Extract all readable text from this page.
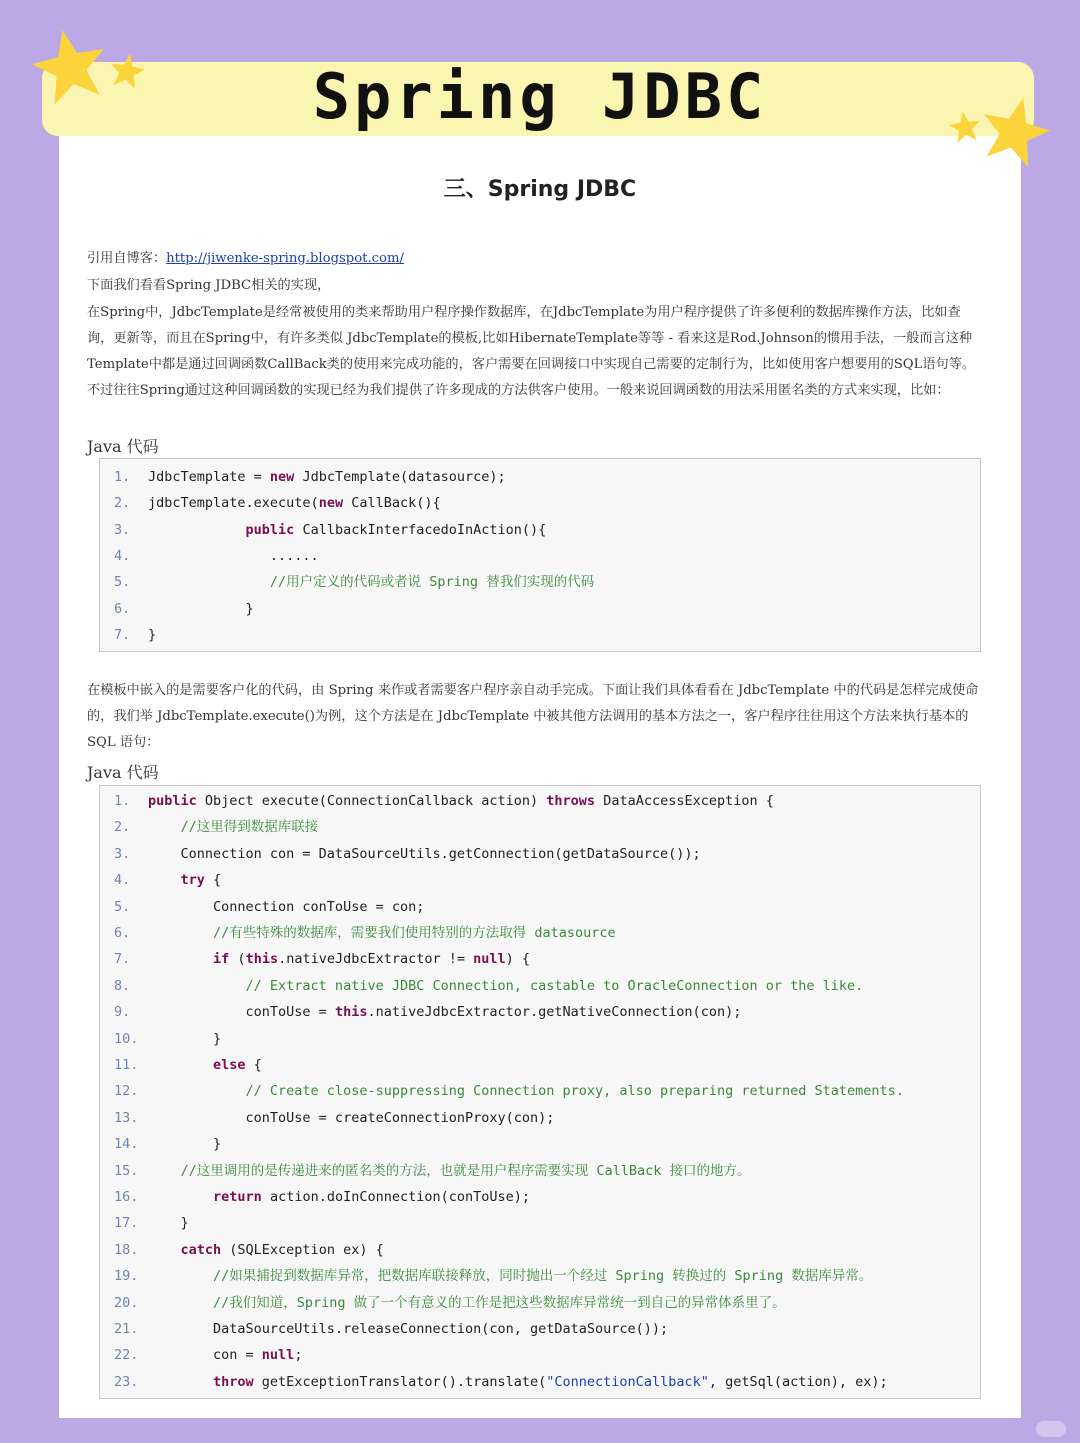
Spring JDBC
三、Spring JDBC
引用自博客：http://jiwenke-spring.blogspot.com/
下面我们看看Spring JDBC相关的实现，
在Spring中，JdbcTemplate是经常被使用的类来帮助用户程序操作数据库，在JdbcTemplate为用户程序提供了许多便利的数据库操作方法，比如查询，更新等，而且在Spring中，有许多类似 JdbcTemplate的模板,比如HibernateTemplate等等 - 看来这是Rod.Johnson的惯用手法，一般而言这种Template中都是通过回调函数CallBack类的使用来完成功能的，客户需要在回调接口中实现自己需要的定制行为，比如使用客户想要用的SQL语句等。不过往往Spring通过这种回调函数的实现已经为我们提供了许多现成的方法供客户使用。一般来说回调函数的用法采用匿名类的方式来实现，比如：
Java 代码
1.	JdbcTemplate = new JdbcTemplate(datasource);
2.	jdbcTemplate.execute(new CallBack(){
3.	public CallbackInterfacedoInAction(){
4.	......
5.	//用户定义的代码或者说 Spring 替我们实现的代码
6.	}
7.	}
在模板中嵌入的是需要客户化的代码，由 Spring 来作或者需要客户程序亲自动手完成。下面让我们具体看看在 JdbcTemplate 中的代码是怎样完成使命的，我们举 JdbcTemplate.execute()为例，这个方法是在 JdbcTemplate 中被其他方法调用的基本方法之一，客户程序往往用这个方法来执行基本的 SQL 语句：
Java 代码
1.	public Object execute(ConnectionCallback action) throws DataAccessException {
2.	//这里得到数据库联接
3.	Connection con = DataSourceUtils.getConnection(getDataSource());
4.	try {
5.	Connection conToUse = con;
6.	//有些特殊的数据库，需要我们使用特别的方法取得 datasource
7.	if (this.nativeJdbcExtractor != null) {
8.	// Extract native JDBC Connection, castable to OracleConnection or the like.
9.	conToUse = this.nativeJdbcExtractor.getNativeConnection(con);
10. }
11.	else {
12. // Create close-suppressing Connection proxy, also preparing returned Statements.
13. conToUse = createConnectionProxy(con);
14. }
15. //这里调用的是传递进来的匿名类的方法，也就是用户程序需要实现 CallBack 接口的地方。
16.	return action.doInConnection(conToUse);
17. }
18.	catch (SQLException ex) {
19. //如果捕捉到数据库异常，把数据库联接释放，同时抛出一个经过 Spring 转换过的 Spring 数据库异常。
20. //我们知道，Spring 做了一个有意义的工作是把这些数据库异常统一到自己的异常体系里了。
21. DataSourceUtils.releaseConnection(con, getDataSource());
22. con = null;
23.	throw getExceptionTranslator().translate("ConnectionCallback", getSql(action), ex);
